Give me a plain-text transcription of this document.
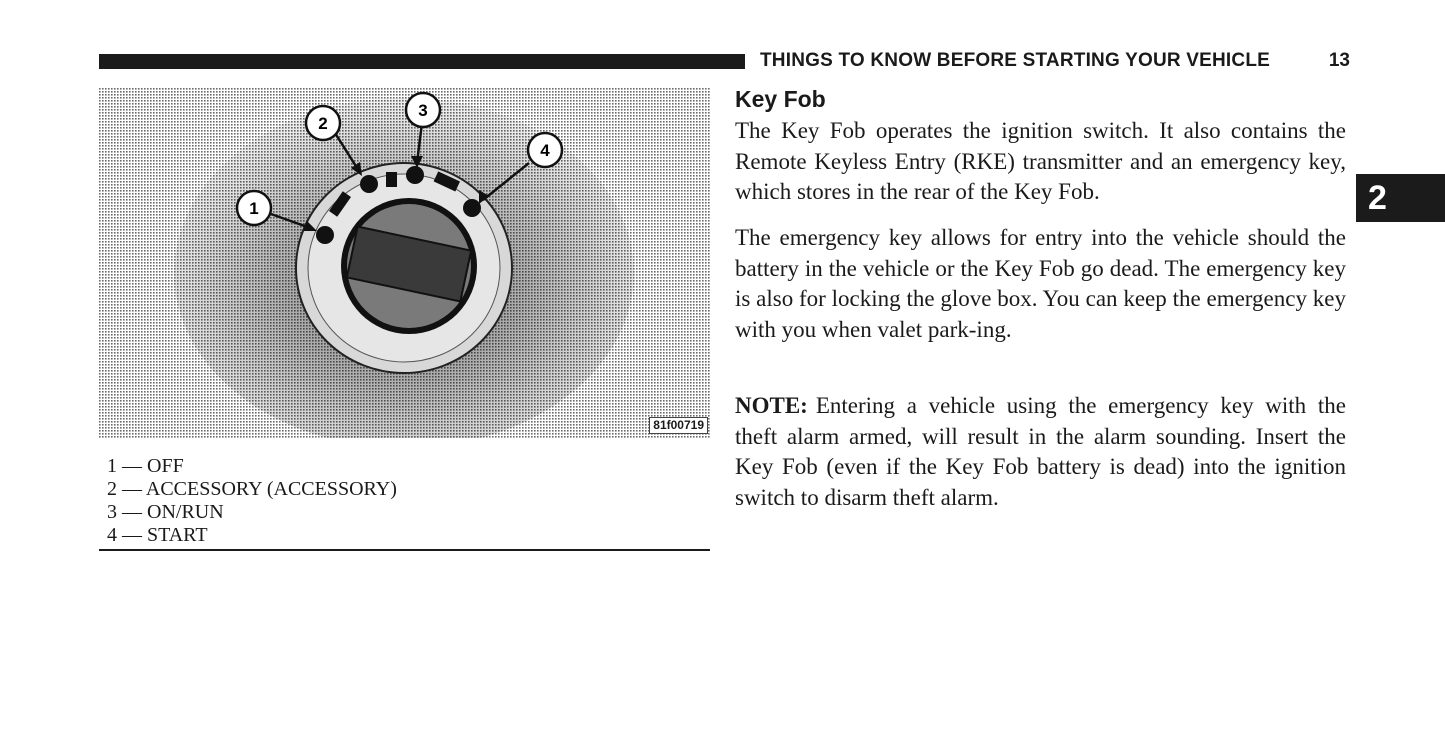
THINGS TO KNOW BEFORE STARTING YOUR VEHICLE	13
2
1
2
3
4
81f00719
1 — OFF
2 — ACCESSORY (ACCESSORY)
3 — ON/RUN
4 — START
Key Fob

The Key Fob operates the ignition switch. It also contains the Remote Keyless Entry (RKE) transmitter and an emergency key, which stores in the rear of the Key Fob.

The emergency key allows for entry into the vehicle should the battery in the vehicle or the Key Fob go dead. The emergency key is also for locking the glove box. You can keep the emergency key with you when valet park-ing.

NOTE: Entering a vehicle using the emergency key with the theft alarm armed, will result in the alarm sounding. Insert the Key Fob (even if the Key Fob battery is dead) into the ignition switch to disarm theft alarm.
